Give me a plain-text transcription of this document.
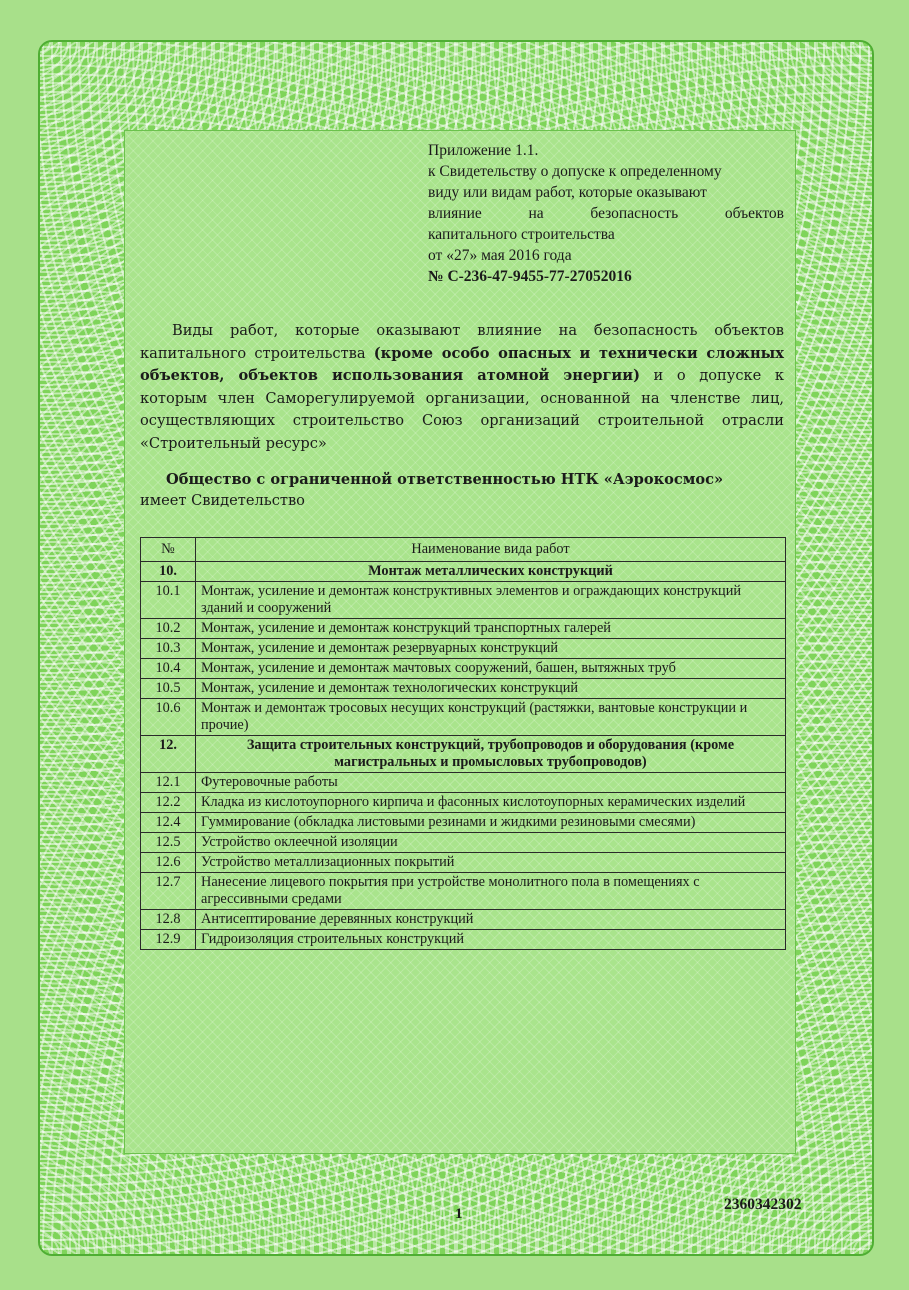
Приложение 1.1.
к Свидетельству о допуске к определенному
виду или видам работ, которые оказывают
влияние на безопасность объектов
капитального строительства
от «27» мая 2016 года
№ С-236-47-9455-77-27052016
Виды работ, которые оказывают влияние на безопасность объектов капитального строительства (кроме особо опасных и технически сложных объектов, объектов использования атомной энергии) и о допуске к которым член Саморегулируемой организации, основанной на членстве лиц, осуществляющих строительство Союз организаций строительной отрасли «Строительный ресурс»
Общество с ограниченной ответственностью НТК «Аэрокосмос»
имеет Свидетельство
№	Наименование вида работ
10.	Монтаж металлических конструкций
10.1	Монтаж, усиление и демонтаж конструктивных элементов и ограждающих конструкций зданий и сооружений
10.2	Монтаж, усиление и демонтаж конструкций транспортных галерей
10.3	Монтаж, усиление и демонтаж резервуарных конструкций
10.4	Монтаж, усиление и демонтаж мачтовых сооружений, башен, вытяжных труб
10.5	Монтаж, усиление и демонтаж технологических конструкций
10.6	Монтаж и демонтаж тросовых несущих конструкций (растяжки, вантовые конструкции и прочие)
12.	Защита строительных конструкций, трубопроводов и оборудования (кроме магистральных и промысловых трубопроводов)
12.1	Футеровочные работы
12.2	Кладка из кислотоупорного кирпича и фасонных кислотоупорных керамических изделий
12.4	Гуммирование (обкладка листовыми резинами и жидкими резиновыми смесями)
12.5	Устройство оклеечной изоляции
12.6	Устройство металлизационных покрытий
12.7	Нанесение лицевого покрытия при устройстве монолитного пола в помещениях с агрессивными средами
12.8	Антисептирование деревянных конструкций
12.9	Гидроизоляция строительных конструкций
1
2360342302
